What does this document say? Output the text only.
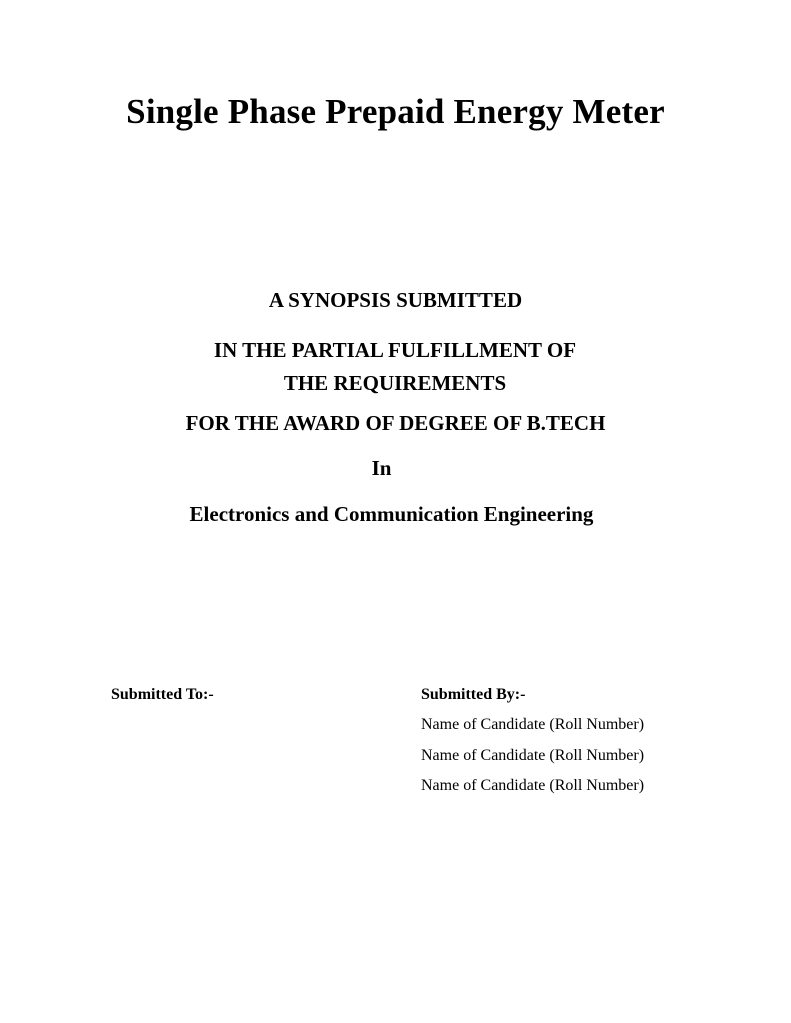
Single Phase Prepaid Energy Meter

A SYNOPSIS SUBMITTED

IN THE PARTIAL FULFILLMENT OF THE REQUIREMENTS

FOR THE AWARD OF DEGREE OF B.TECH

In

Electronics and Communication Engineering

Submitted To:-	Submitted By:-

Name of Candidate (Roll Number)
Name of Candidate (Roll Number)
Name of Candidate (Roll Number)
